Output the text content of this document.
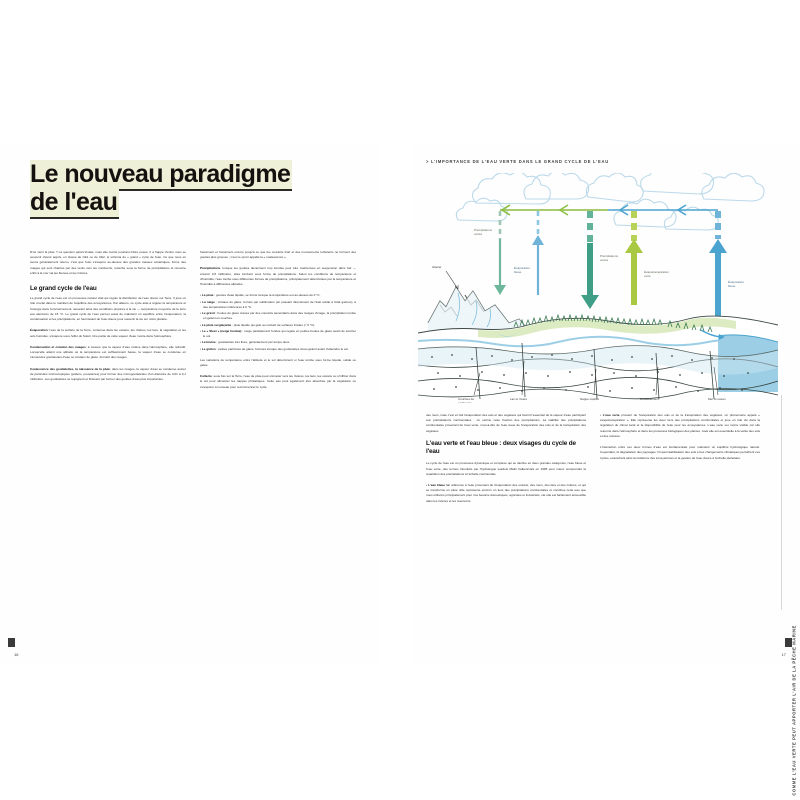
Le nouveau paradigme
de l'eau

D'où vient la pluie ? La question paraît triviale, mais elle mérite pourtant d'être posée. Il a frappé d'entre nous se souvenir d'avoir appris, en classe de CE1 ou de CE2, le schéma du « grand » cycle de l'eau. Ce que nous en avons généralement retenu, c'est que l'eau s'évapore au-dessus des grandes masses océaniques, forme des nuages qui sont charriés par des vents vers les continents, retombe sous la forme de précipitations et retourne enfin à la mer via les fleuves et les rivières.

Le grand cycle de l'eau

Le grand cycle de l'eau est un processus naturel vital qui régule la distribution de l'eau douce sur Terre. Il joue un rôle crucial dans le maintien de l'équilibre des écosystèmes. Par ailleurs, ce cycle aide à réguler la température et l'énergie dans l'environnement, assurant ainsi des conditions propices à la vie — température moyenne de la terre aux alentours de 15 °C. Le grand cycle de l'eau permet aussi de maintenir un équilibre entre l'évaporation, la condensation et les précipitations, en fournissant de l'eau douce pour soutenir la vie sur notre planète.

Évaporation: l'eau de la surface de la Terre, contenue dans les océans, les rivières, les lacs, la végétation et les sols humides, s'évapore sous l'effet du Soleil. Une partie de cette vapeur d'eau monte dans l'atmosphère.

Condensation et création des nuages: à mesure que la vapeur d'eau s'élève dans l'atmosphère, elle refroidit. Lorsqu'elle atteint une altitude où la température est suffisamment basse, la vapeur d'eau se condense en minuscules gouttelettes d'eau ou cristaux de glace, formant des nuages.

Coalescence des gouttelettes, la naissance de la pluie: dans les nuages, la vapeur d'eau se condense autour de particules microscopiques (pollens, poussières) pour former des microgouttelettes d'un diamètre de 0,01 à 0,1 millimètre. Les gouttelettes se rejoignent et finissent par former des gouttes d'eau plus importantes.

fusionnent et fusionnent encore jusqu'à ce que les courants d'air et des mouvements turbulents ne forment des gouttes plus grosses ; c'est ce qu'on appelle la « coalescence ».

Précipitations: lorsque les gouttes deviennent trop lourdes pour être maintenues en suspension dans l'air — environ 0,5 millimètre, elles tombent sous forme de précipitations. Selon les conditions de température et d'humidité, l'eau tombe sous différentes formes de précipitations, principalement déterminées par la température et l'humidité à différentes altitudes.

• La pluie : gouttes d'eau liquide, se forme lorsque la température est au-dessus de 0 °C.
• La neige : cristaux de glace, formés par sublimation (en passant directement de l'état solide à l'état gazeux), à des températures inférieures à 0 °C.
• Le grésil : boules de glace créées par des courants ascendants dans des nuages d'orage, la précipitation tombe en gelant en couches.
• La pluie verglaçante : pluie liquide qui gèle au contact de surfaces froides (< 0 °C).
• Le « Sleet » (neige fondue) : neige partiellement fondue qui regèle en petites boules de glace avant de toucher le sol.
• La bruine : gouttelettes très fines, généralement par temps doux.
• Le grêlon : petites particules de glace, formées lorsque des gouttelettes d'eau gèlent avant d'atteindre le sol.

Les variations de température entre l'altitude et le sol déterminent si l'eau tombe sous forme liquide, solide ou gelée.

Collecte: sous fois sur la Terre, l'eau de pluie peut s'écouler vers les rivières, les lacs, les océans ou s'infiltrer dans le sol pour alimenter les nappes phréatiques. Cette eau peut également être absorbée par la végétation ou s'évaporer à nouveau pour recommencer le cycle.

16
> L'IMPORTANCE DE L'EAU VERTE DANS LE GRAND CYCLE DE L'EAU
Précipitations
vertes
Évaporation
bleue
Précipitations
vertes
Évapotranspiration
verte
Évaporation
bleue
Glacier
Couches de
sédiments
Lac et rivière	Nappe captive	Ruissellement	Mer et océan

des mers, mais c'est en fait l'évaporation des sols et des végétaux qui fournit l'essentiel de la vapeur d'eau participant aux précipitations continentales : on estime cette fraction des précipitations. La stabilité des précipitations continentales provenant de l'eau verte, c'est-à-dire de l'eau issue de l'évaporation des sols et de la transpiration des végétaux.

L'eau verte et l'eau bleue : deux visages du cycle de l'eau

Le cycle de l'eau est un processus dynamique et complexe qui se décline en deux grandes catégories, l'eau bleue et l'eau verte, des termes introduits par l'hydrologue suédois Malin Falkenmark en 1995 pour mieux comprendre la répartition des précipitations à l'échelle continentale.

• L'eau bleue fait référence à l'eau provenant de l'évaporation des océans, des mers, des lacs et des rivières, et qui se transforme en pluie. Elle représente environ un tiers des précipitations continentales et constitue cette eau que nous utilisons principalement pour nos besoins domestiques, agricoles et industriels, car elle est facilement accessible dans les rivières et les réservoirs.

• L'eau verte provient de l'évaporation des sols et de la transpiration des végétaux, un phénomène appelé « évapotranspiration ». Elle représente les deux tiers des précipitations continentales et joue un rôle clé dans la régulation du climat local et la disponibilité de l'eau pour les écosystèmes. L'eau verte est moins visible car elle retourne dans l'atmosphère et dans les processus biologiques des plantes, mais elle est essentielle à la santé des sols et des cultures.

L'interaction entre ces deux formes d'eau est fondamentale pour maintenir un équilibre hydrologique naturel. Cependant, la dégradation des paysages, l'imperméabilisation des sols et les changements climatiques perturbent ces cycles, exacerbant ainsi la résilience des écosystèmes et la gestion de l'eau douce à l'échelle planétaire.

COMME L'EAU VERTE PEUT APPORTER L'AIR DE LA PÊCHE MARINE
17
